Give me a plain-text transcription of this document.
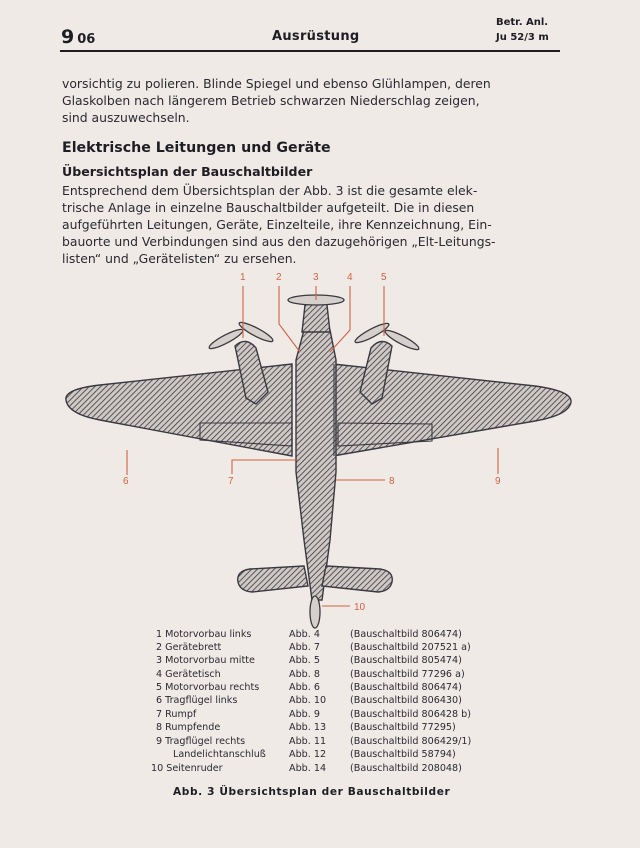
9 06	Ausrüstung
Betr. Anl.
Ju 52/3 m
vorsichtig zu polieren. Blinde Spiegel und ebenso Glühlampen, deren
Glaskolben nach längerem Betrieb schwarzen Niederschlag zeigen,
sind auszuwechseln.
Elektrische Leitungen und Geräte
Übersichtsplan der Bauschaltbilder
Entsprechend dem Übersichtsplan der Abb. 3 ist die gesamte elek-
trische Anlage in einzelne Bauschaltbilder aufgeteilt. Die in diesen
aufgeführten Leitungen, Geräte, Einzelteile, ihre Kennzeichnung, Ein-
bauorte und Verbindungen sind aus den dazugehörigen „Elt-Leitungs-
listen“ und „Gerätelisten“ zu ersehen.
1	2	3	4	5
6	7	8	9
10
1 Motorvorbau links	Abb. 4	(Bauschaltbild 806474)
2 Gerätebrett	Abb. 7	(Bauschaltbild 207521 a)
3 Motorvorbau mitte	Abb. 5	(Bauschaltbild 805474)
4 Gerätetisch	Abb. 8	(Bauschaltbild 77296 a)
5 Motorvorbau rechts	Abb. 6	(Bauschaltbild 806474)
6 Tragflügel links	Abb. 10	(Bauschaltbild 806430)
7 Rumpf	Abb. 9	(Bauschaltbild 806428 b)
8 Rumpfende	Abb. 13	(Bauschaltbild 77295)
9 Tragflügel rechts	Abb. 11	(Bauschaltbild 806429/1)
Landelichtanschluß Abb. 12	(Bauschaltbild 58794)
10 Seitenruder	Abb. 14	(Bauschaltbild 208048)
Abb. 3 Übersichtsplan der Bauschaltbilder
